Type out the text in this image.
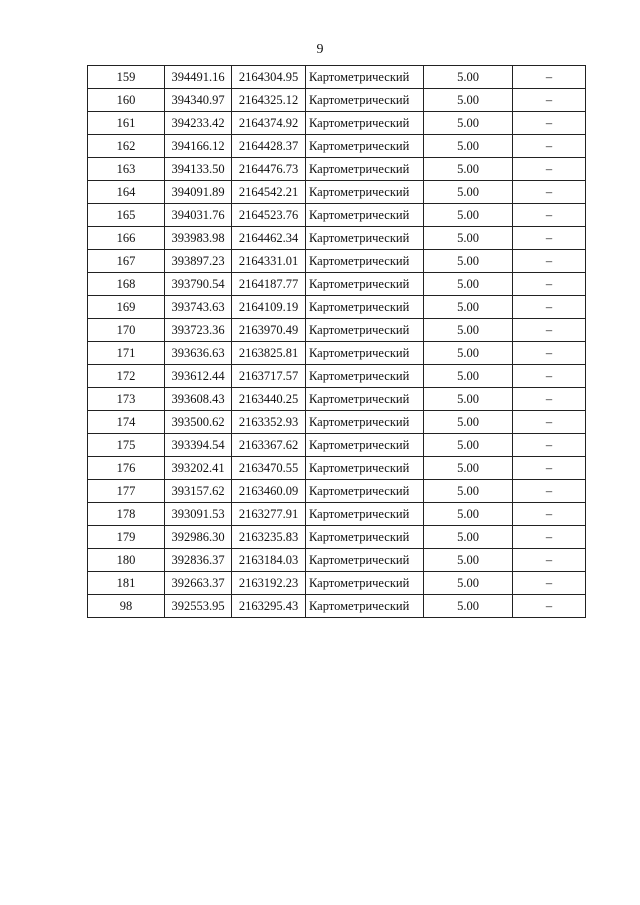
9
159	394491.16	2164304.95	Картометрический	5.00	–
160	394340.97	2164325.12	Картометрический	5.00	–
161	394233.42	2164374.92	Картометрический	5.00	–
162	394166.12	2164428.37	Картометрический	5.00	–
163	394133.50	2164476.73	Картометрический	5.00	–
164	394091.89	2164542.21	Картометрический	5.00	–
165	394031.76	2164523.76	Картометрический	5.00	–
166	393983.98	2164462.34	Картометрический	5.00	–
167	393897.23	2164331.01	Картометрический	5.00	–
168	393790.54	2164187.77	Картометрический	5.00	–
169	393743.63	2164109.19	Картометрический	5.00	–
170	393723.36	2163970.49	Картометрический	5.00	–
171	393636.63	2163825.81	Картометрический	5.00	–
172	393612.44	2163717.57	Картометрический	5.00	–
173	393608.43	2163440.25	Картометрический	5.00	–
174	393500.62	2163352.93	Картометрический	5.00	–
175	393394.54	2163367.62	Картометрический	5.00	–
176	393202.41	2163470.55	Картометрический	5.00	–
177	393157.62	2163460.09	Картометрический	5.00	–
178	393091.53	2163277.91	Картометрический	5.00	–
179	392986.30	2163235.83	Картометрический	5.00	–
180	392836.37	2163184.03	Картометрический	5.00	–
181	392663.37	2163192.23	Картометрический	5.00	–
98	392553.95	2163295.43	Картометрический	5.00	–
